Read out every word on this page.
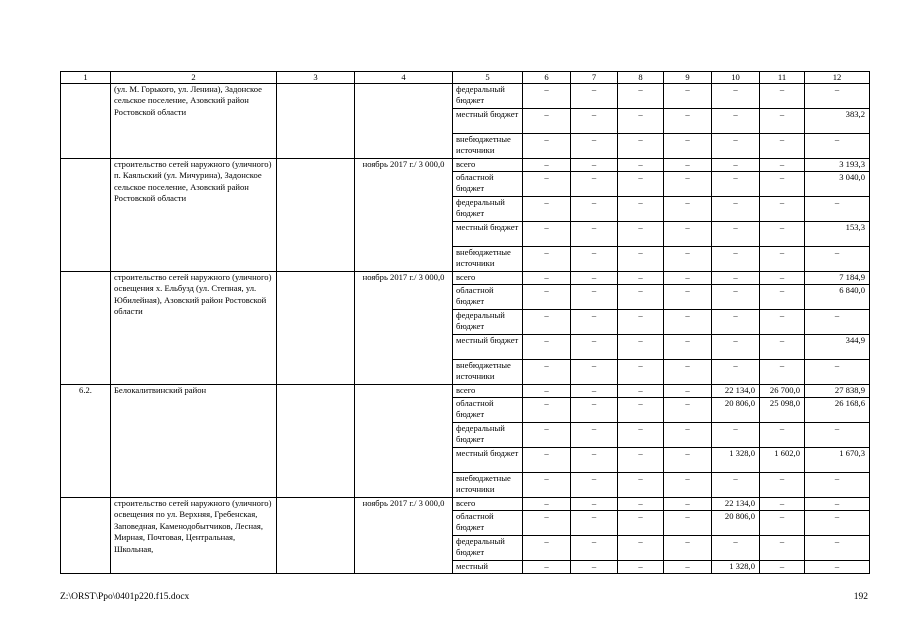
1	2	3	4	5	6	7	8	9	10	11	12
	(ул. М. Горького, ул. Ленина), Задонское сельское поселение, Азовский район Ростовской области			федеральный бюджет	–	–	–	–	–	–	–
				местный бюджет	–	–	–	–	–	–	383,2
				внебюджетные источники	–	–	–	–	–	–	–
	строительство сетей наружного (уличного) п. Каяльский (ул. Мичурина), Задонское сельское поселение, Азовский район Ростовской области		ноябрь 2017 г./ 3 000,0	всего	–	–	–	–	–	–	3 193,3
				областной бюджет	–	–	–	–	–	–	3 040,0
				федеральный бюджет	–	–	–	–	–	–	–
				местный бюджет	–	–	–	–	–	–	153,3
				внебюджетные источники	–	–	–	–	–	–	–
	строительство сетей наружного (уличного) освещения х. Ельбузд (ул. Степная, ул. Юбилейная), Азовский район Ростовской области		ноябрь 2017 г./ 3 000,0	всего	–	–	–	–	–	–	7 184,9
				областной бюджет	–	–	–	–	–	–	6 840,0
				федеральный бюджет	–	–	–	–	–	–	–
				местный бюджет	–	–	–	–	–	–	344,9
				внебюджетные источники	–	–	–	–	–	–	–
6.2.	Белокалитвинский район			всего	–	–	–	–	22 134,0	26 700,0	27 838,9
				областной бюджет	–	–	–	–	20 806,0	25 098,0	26 168,6
				федеральный бюджет	–	–	–	–	–	–	–
				местный бюджет	–	–	–	–	1 328,0	1 602,0	1 670,3
				внебюджетные источники	–	–	–	–	–	–	–
	строительство сетей наружного (уличного) освещения по ул. Верхняя, Гребенская, Заповедная, Каменодобытчиков, Лесная, Мирная, Почтовая, Центральная, Школьная,		ноябрь 2017 г./ 3 000,0	всего	–	–	–	–	22 134,0	–	–
				областной бюджет	–	–	–	–	20 806,0	–	–
				федеральный бюджет	–	–	–	–	–	–	–
				местный	–	–	–	–	1 328,0	–	–
Z:\ORST\Ppo\0401p220.f15.docx	192
